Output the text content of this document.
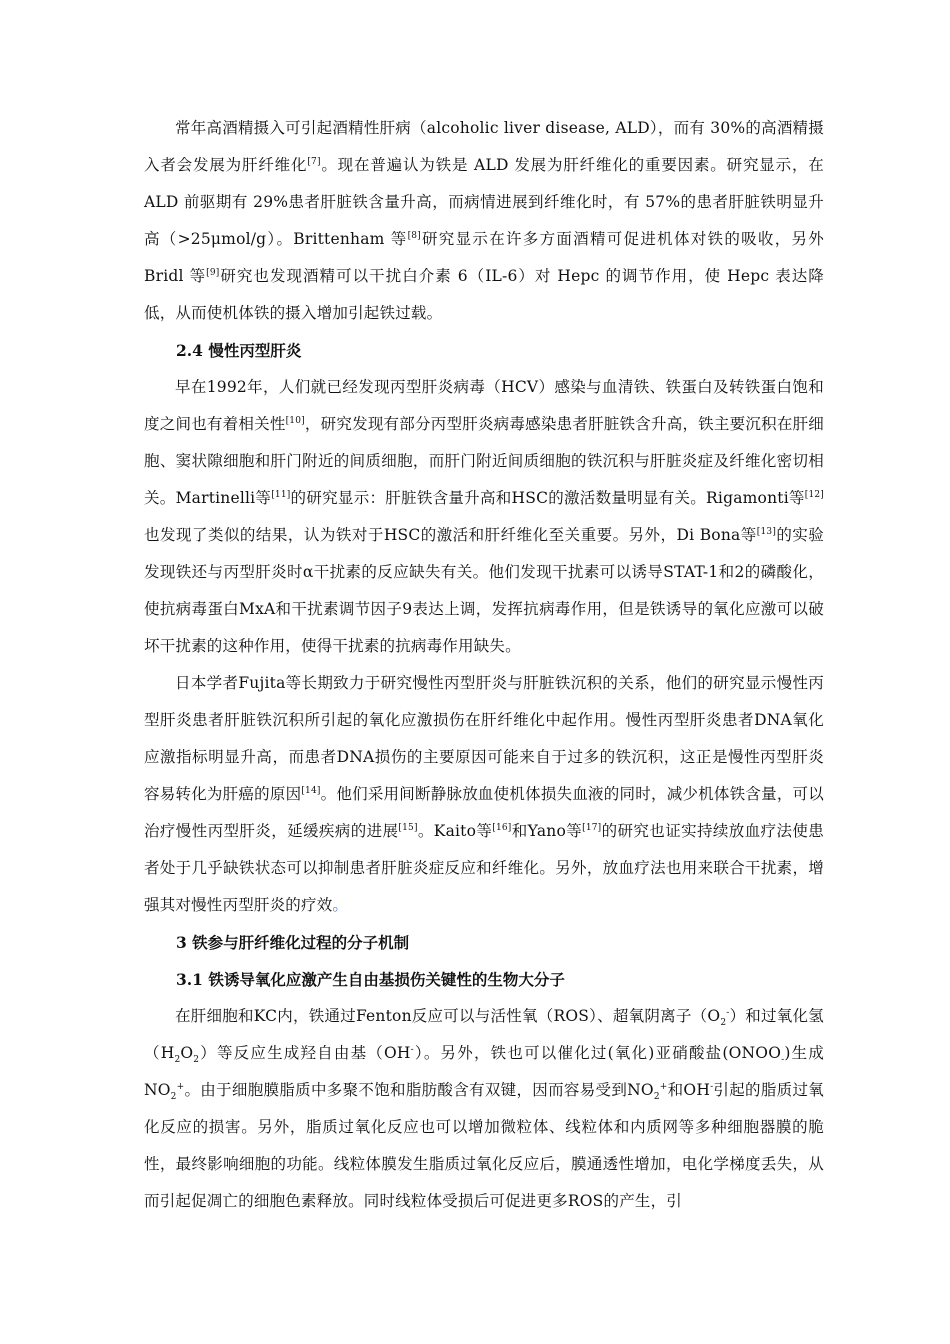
常年高酒精摄入可引起酒精性肝病（alcoholic liver disease, ALD），而有 30%的高酒精摄入者会发展为肝纤维化[7]。现在普遍认为铁是 ALD 发展为肝纤维化的重要因素。研究显示，在 ALD 前驱期有 29%患者肝脏铁含量升高，而病情进展到纤维化时，有 57%的患者肝脏铁明显升高（>25μmol/g）。Brittenham 等[8]研究显示在许多方面酒精可促进机体对铁的吸收，另外 Bridl 等[9]研究也发现酒精可以干扰白介素 6（IL-6）对 Hepc 的调节作用，使 Hepc 表达降低，从而使机体铁的摄入增加引起铁过载。

2.4 慢性丙型肝炎

早在1992年，人们就已经发现丙型肝炎病毒（HCV）感染与血清铁、铁蛋白及转铁蛋白饱和度之间也有着相关性[10]，研究发现有部分丙型肝炎病毒感染患者肝脏铁含升高，铁主要沉积在肝细胞、窦状隙细胞和肝门附近的间质细胞，而肝门附近间质细胞的铁沉积与肝脏炎症及纤维化密切相关。Martinelli等[11]的研究显示：肝脏铁含量升高和HSC的激活数量明显有关。Rigamonti等[12]也发现了类似的结果，认为铁对于HSC的激活和肝纤维化至关重要。另外，Di Bona等[13]的实验发现铁还与丙型肝炎时α干扰素的反应缺失有关。他们发现干扰素可以诱导STAT-1和2的磷酸化，使抗病毒蛋白MxA和干扰素调节因子9表达上调，发挥抗病毒作用，但是铁诱导的氧化应激可以破坏干扰素的这种作用，使得干扰素的抗病毒作用缺失。

日本学者Fujita等长期致力于研究慢性丙型肝炎与肝脏铁沉积的关系，他们的研究显示慢性丙型肝炎患者肝脏铁沉积所引起的氧化应激损伤在肝纤维化中起作用。慢性丙型肝炎患者DNA氧化应激指标明显升高，而患者DNA损伤的主要原因可能来自于过多的铁沉积，这正是慢性丙型肝炎容易转化为肝癌的原因[14]。他们采用间断静脉放血使机体损失血液的同时，减少机体铁含量，可以治疗慢性丙型肝炎，延缓疾病的进展[15]。Kaito等[16]和Yano等[17]的研究也证实持续放血疗法使患者处于几乎缺铁状态可以抑制患者肝脏炎症反应和纤维化。另外，放血疗法也用来联合干扰素，增强其对慢性丙型肝炎的疗效。

3 铁参与肝纤维化过程的分子机制

3.1 铁诱导氧化应激产生自由基损伤关键性的生物大分子

在肝细胞和KC内，铁通过Fenton反应可以与活性氧（ROS）、超氧阴离子$(O_2^-)$和过氧化氢$(H_2O_2)$等反应生成羟自由基（OH-）。另外，铁也可以催化过(氧化)亚硝酸盐$(ONOO_-)$生成$NO_2^+$。由于细胞膜脂质中多聚不饱和脂肪酸含有双键，因而容易受到$NO_2^+$和OH-引起的脂质过氧化反应的损害。另外，脂质过氧化反应也可以增加微粒体、线粒体和内质网等多种细胞器膜的脆性，最终影响细胞的功能。线粒体膜发生脂质过氧化反应后，膜通透性增加，电化学梯度丢失，从而引起促凋亡的细胞色素释放。同时线粒体受损后可促进更多ROS的产生，引
